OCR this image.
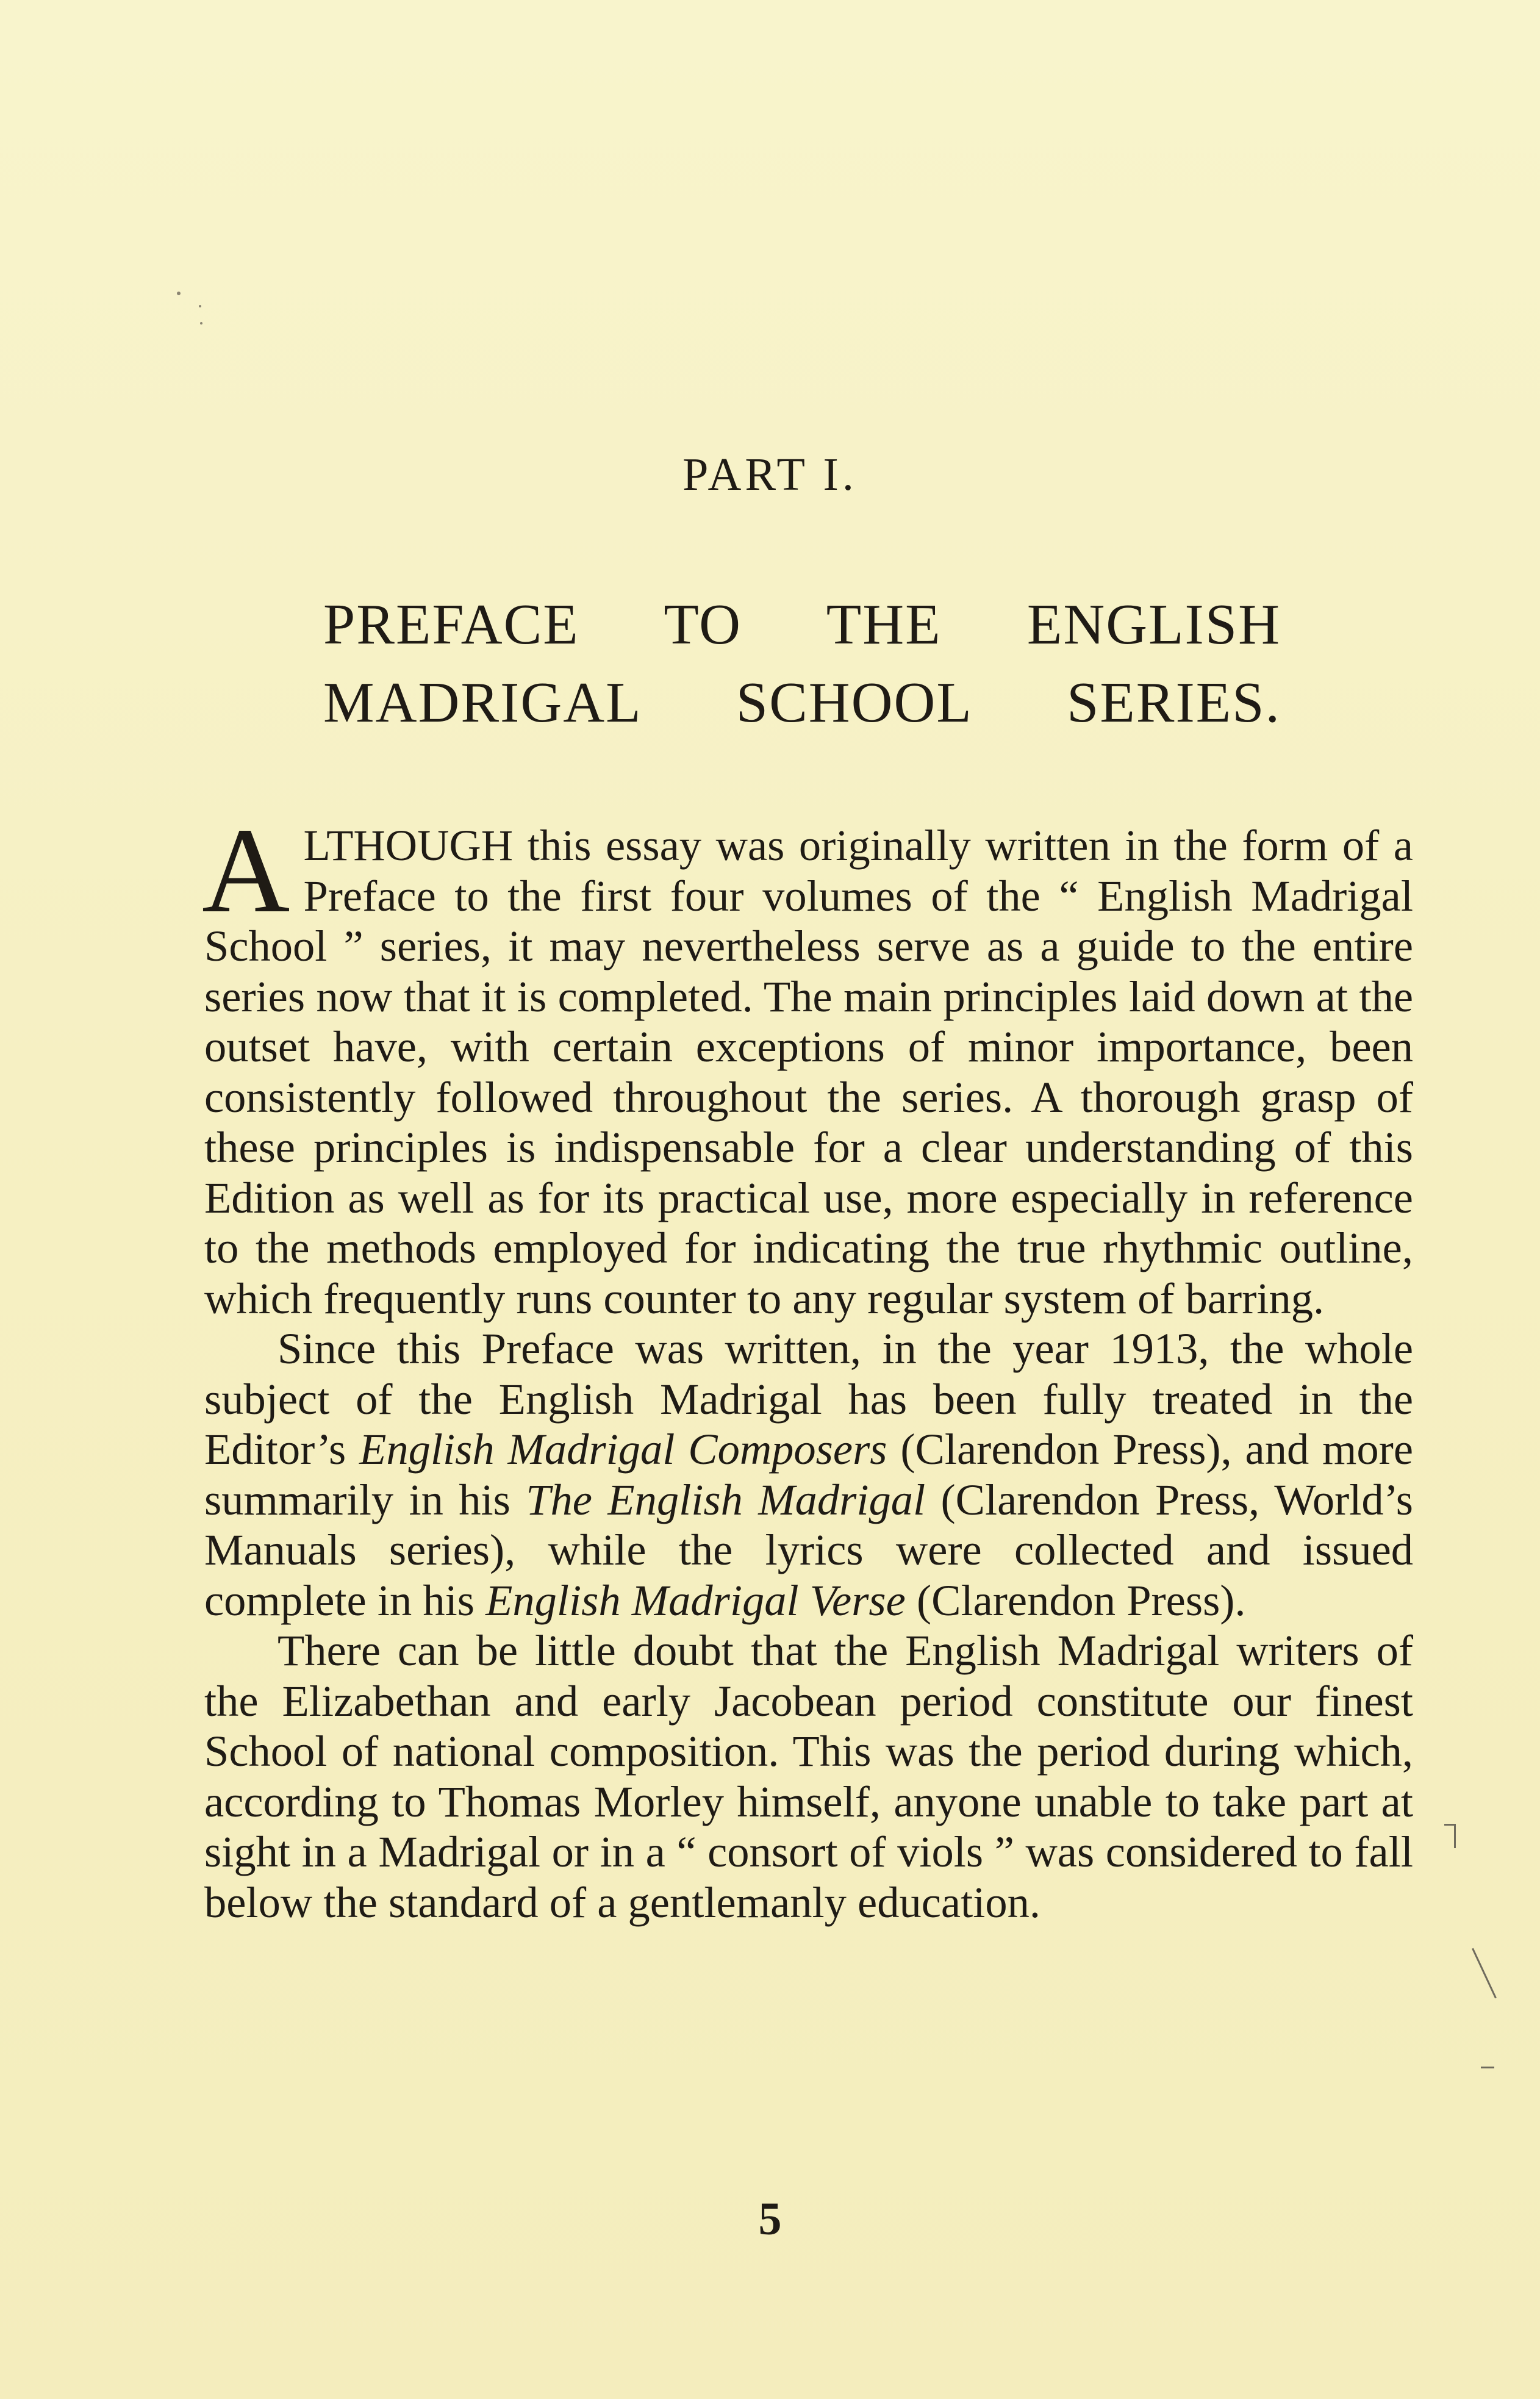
PART I.
PREFACE TO THE ENGLISH
MADRIGAL SCHOOL SERIES.

ALTHOUGH this essay was originally written in the form of a Preface to the first four volumes of the “ English Madrigal School ” series, it may nevertheless serve as a guide to the entire series now that it is completed. The main principles laid down at the outset have, with certain exceptions of minor importance, been consistently followed throughout the series. A thorough grasp of these principles is indispensable for a clear understanding of this Edition as well as for its practical use, more especially in reference to the methods employed for indicating the true rhythmic outline, which frequently runs counter to any regular system of barring.

Since this Preface was written, in the year 1913, the whole subject of the English Madrigal has been fully treated in the Editor’s English Madrigal Composers (Clarendon Press), and more summarily in his The English Madrigal (Clarendon Press, World’s Manuals series), while the lyrics were collected and issued complete in his English Madrigal Verse (Clarendon Press).

There can be little doubt that the English Madrigal writers of the Elizabethan and early Jacobean period constitute our finest School of national composition. This was the period during which, according to Thomas Morley himself, anyone unable to take part at sight in a Madrigal or in a “ consort of viols ” was considered to fall below the standard of a gentlemanly education.

5
